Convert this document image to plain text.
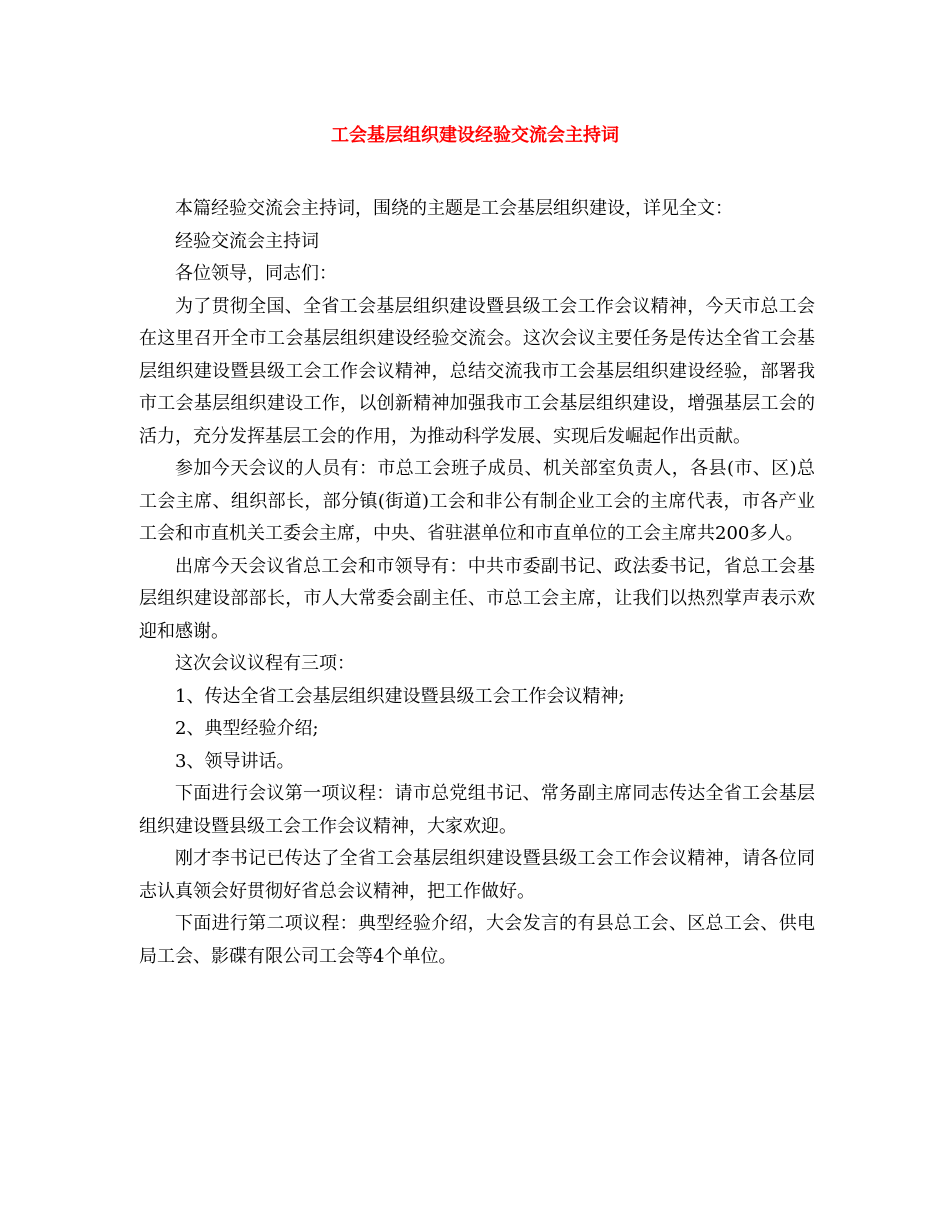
工会基层组织建设经验交流会主持词

本篇经验交流会主持词，围绕的主题是工会基层组织建设，详见全文：

经验交流会主持词

各位领导，同志们：

为了贯彻全国、全省工会基层组织建设暨县级工会工作会议精神，今天市总工会在这里召开全市工会基层组织建设经验交流会。这次会议主要任务是传达全省工会基层组织建设暨县级工会工作会议精神，总结交流我市工会基层组织建设经验，部署我市工会基层组织建设工作，以创新精神加强我市工会基层组织建设，增强基层工会的活力，充分发挥基层工会的作用，为推动科学发展、实现后发崛起作出贡献。

参加今天会议的人员有：市总工会班子成员、机关部室负责人，各县(市、区)总工会主席、组织部长，部分镇(街道)工会和非公有制企业工会的主席代表，市各产业工会和市直机关工委会主席，中央、省驻湛单位和市直单位的工会主席共200多人。

出席今天会议省总工会和市领导有：中共市委副书记、政法委书记，省总工会基层组织建设部部长，市人大常委会副主任、市总工会主席，让我们以热烈掌声表示欢迎和感谢。

这次会议议程有三项：

1、传达全省工会基层组织建设暨县级工会工作会议精神;

2、典型经验介绍;

3、领导讲话。

下面进行会议第一项议程：请市总党组书记、常务副主席同志传达全省工会基层组织建设暨县级工会工作会议精神，大家欢迎。

刚才李书记已传达了全省工会基层组织建设暨县级工会工作会议精神，请各位同志认真领会好贯彻好省总会议精神，把工作做好。

下面进行第二项议程：典型经验介绍，大会发言的有县总工会、区总工会、供电局工会、影碟有限公司工会等4个单位。
